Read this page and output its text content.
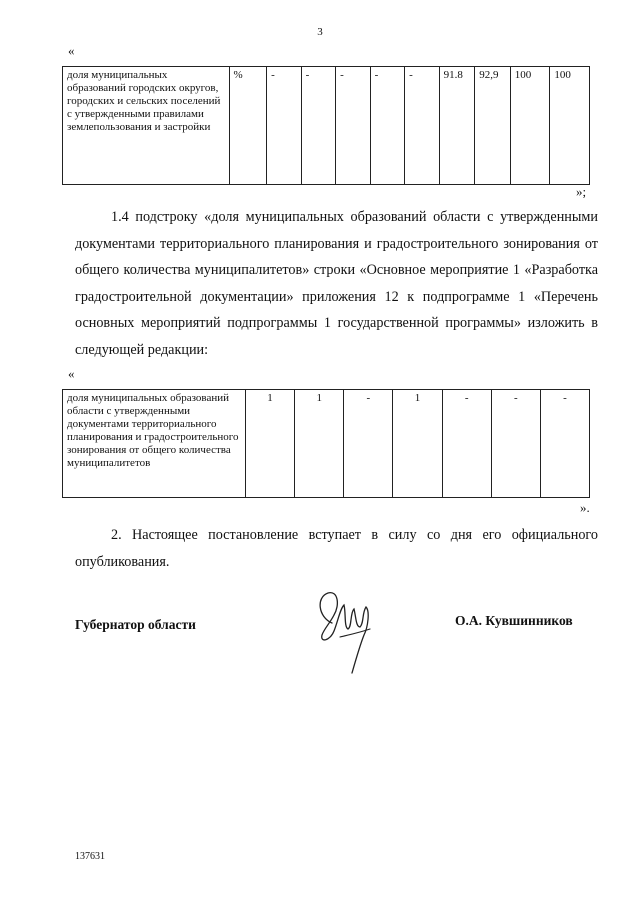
3
«
доля муниципальных образований городских округов, городских и сельских поселений с утвержденными правилами землепользования и застройки	%	-	-	-	-	-	91.8	92,9	100	100
»;
1.4 подстроку «доля муниципальных образований области с утвержденными документами территориального планирования и градостроительного зонирования от общего количества муниципалитетов» строки «Основное мероприятие 1 «Разработка градостроительной документации» приложения 12 к подпрограмме 1 «Перечень основных мероприятий подпрограммы 1 государственной программы» изложить в следующей редакции:
«
доля муниципальных образований области с утвержденными документами территориального планирования и градостроительного зонирования от общего количества муниципалитетов	1	1	-	1	-	-	-
».
2. Настоящее постановление вступает в силу со дня его официального опубликования.
Губернатор области	О.А. Кувшинников
137631
